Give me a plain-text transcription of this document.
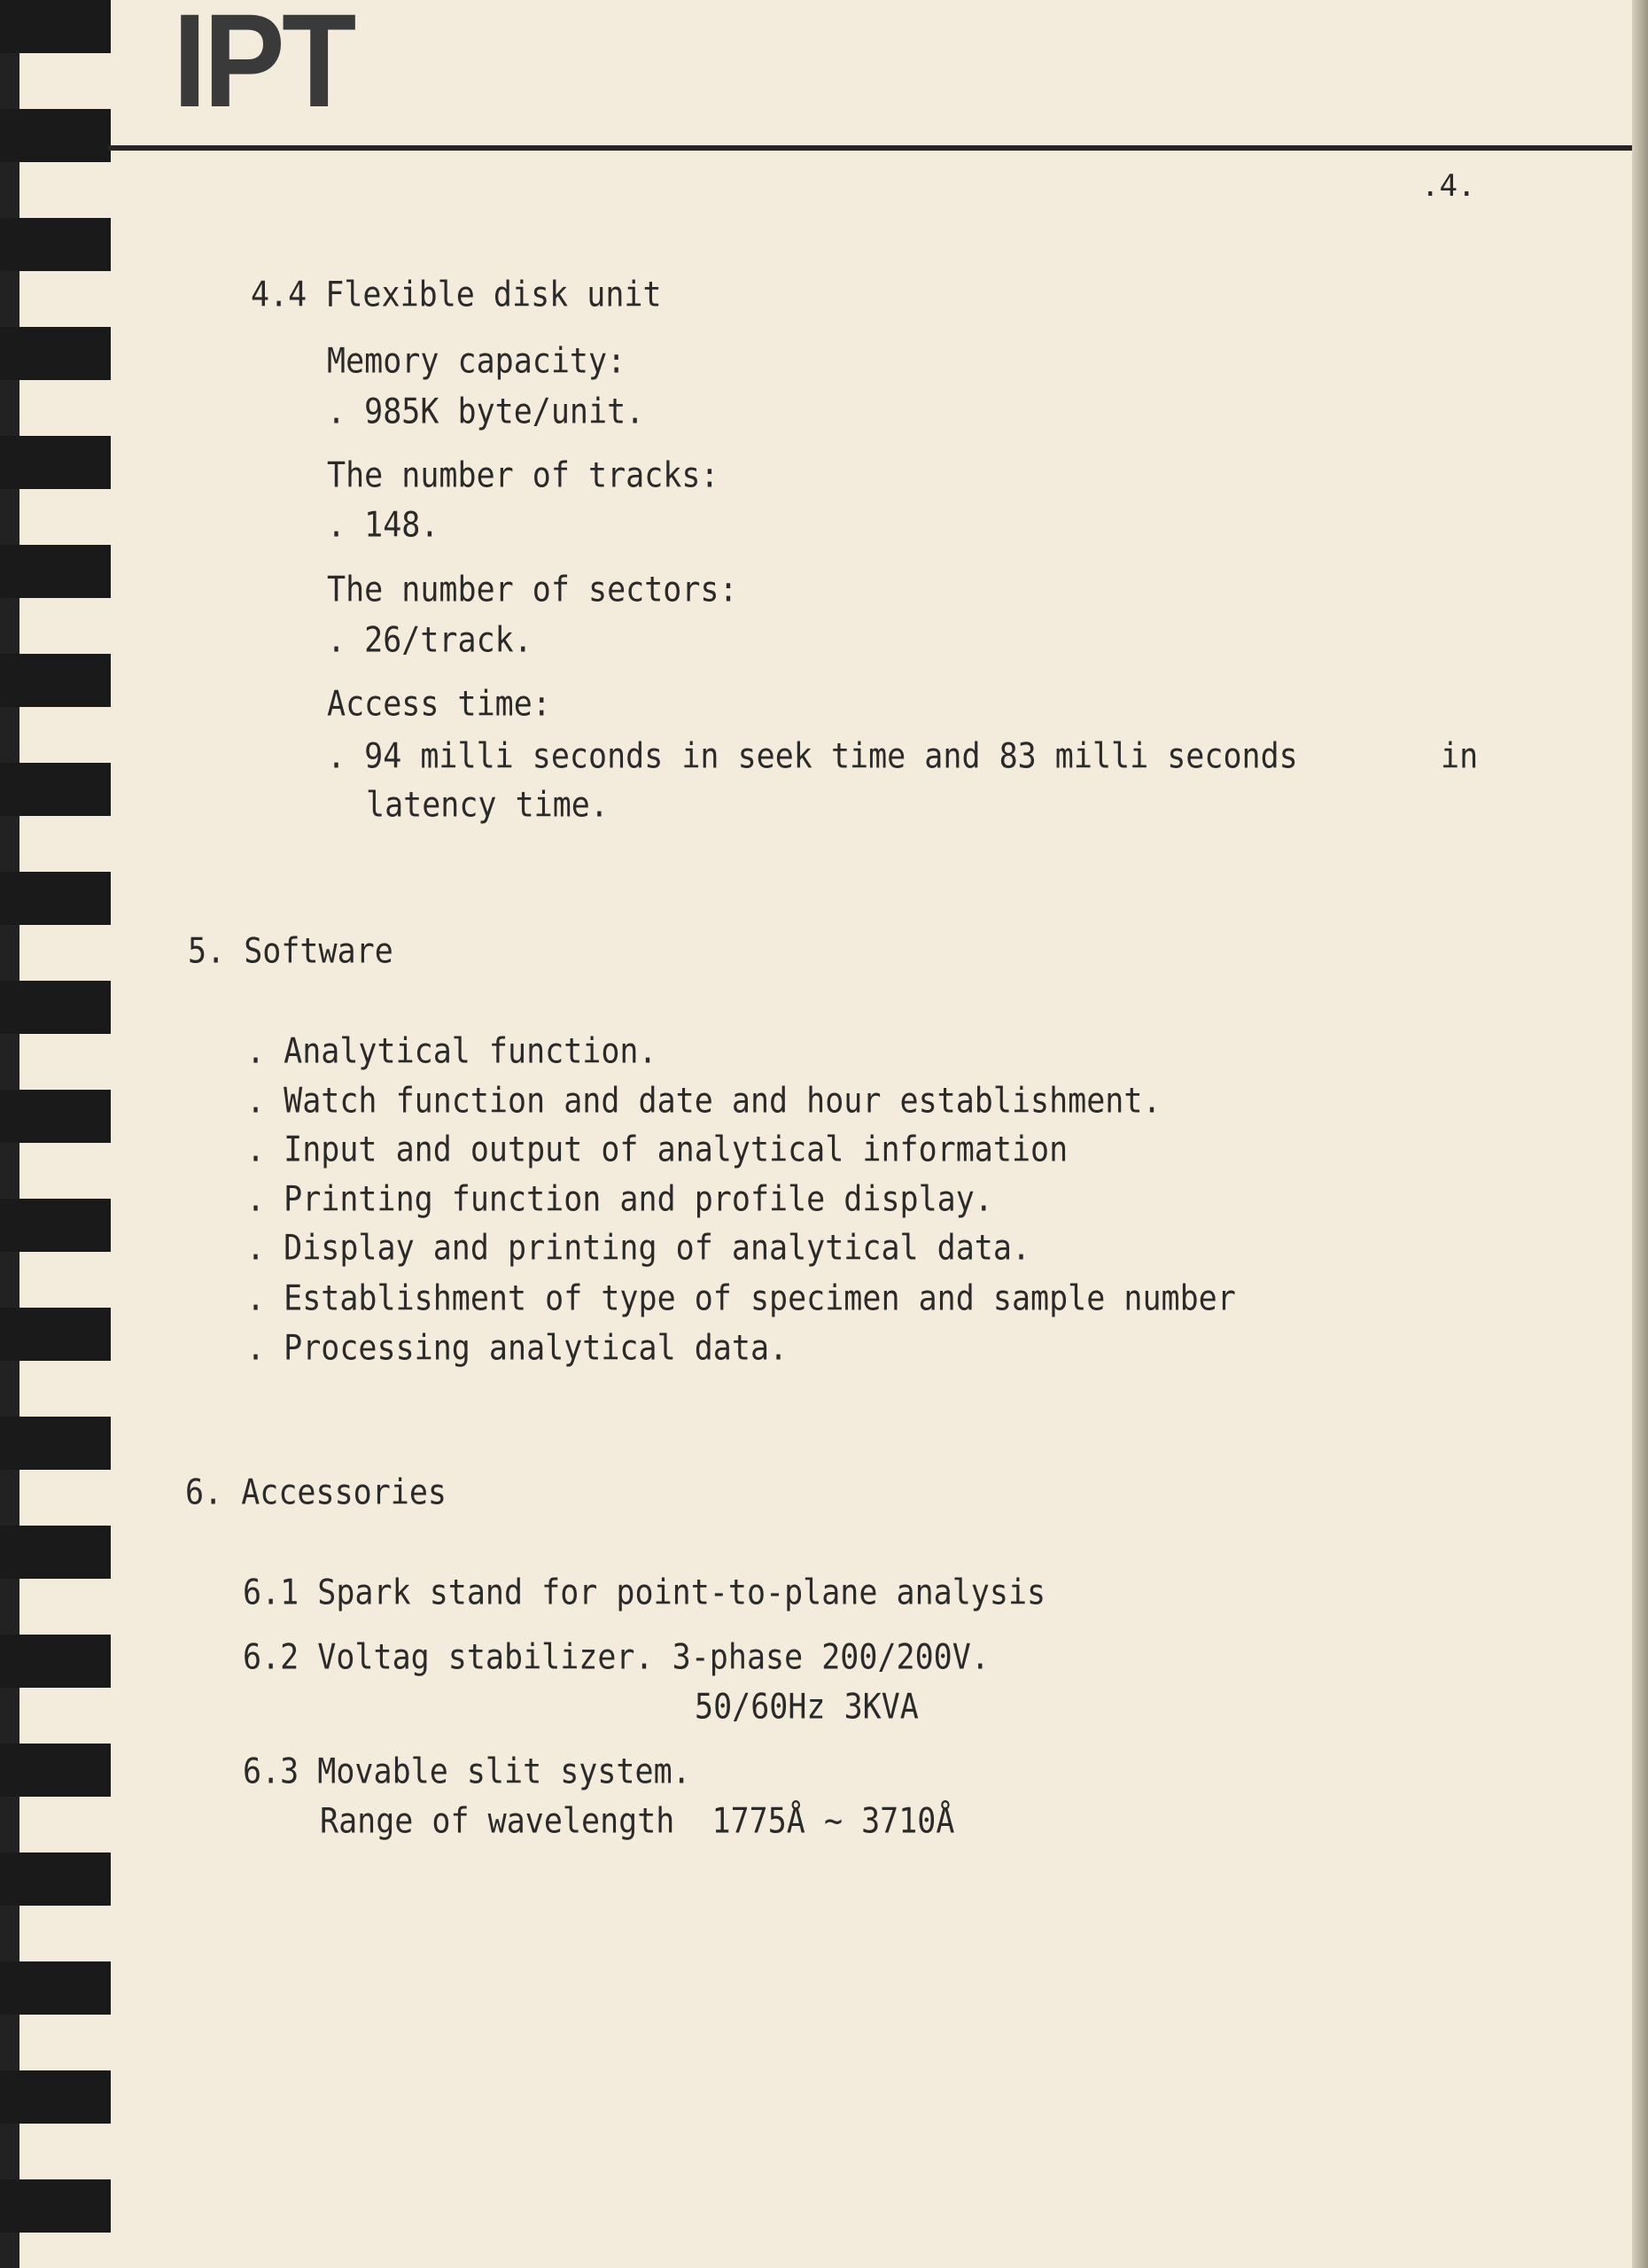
IPT
.4.
4.4 Flexible disk unit
Memory capacity:
. 985K byte/unit.
The number of tracks:
. 148.
The number of sectors:
. 26/track.
Access time:
. 94 milli seconds in seek time and 83 milli seconds	in
latency time.
5. Software
. Analytical function.
. Watch function and date and hour establishment.
. Input and output of analytical information
. Printing function and profile display.
. Display and printing of analytical data.
. Establishment of type of specimen and sample number
. Processing analytical data.
6. Accessories
6.1 Spark stand for point-to-plane analysis
6.2 Voltag stabilizer. 3-phase 200/200V.
50/60Hz 3KVA
6.3 Movable slit system.
Range of wavelength  1775Å ~ 3710Å
